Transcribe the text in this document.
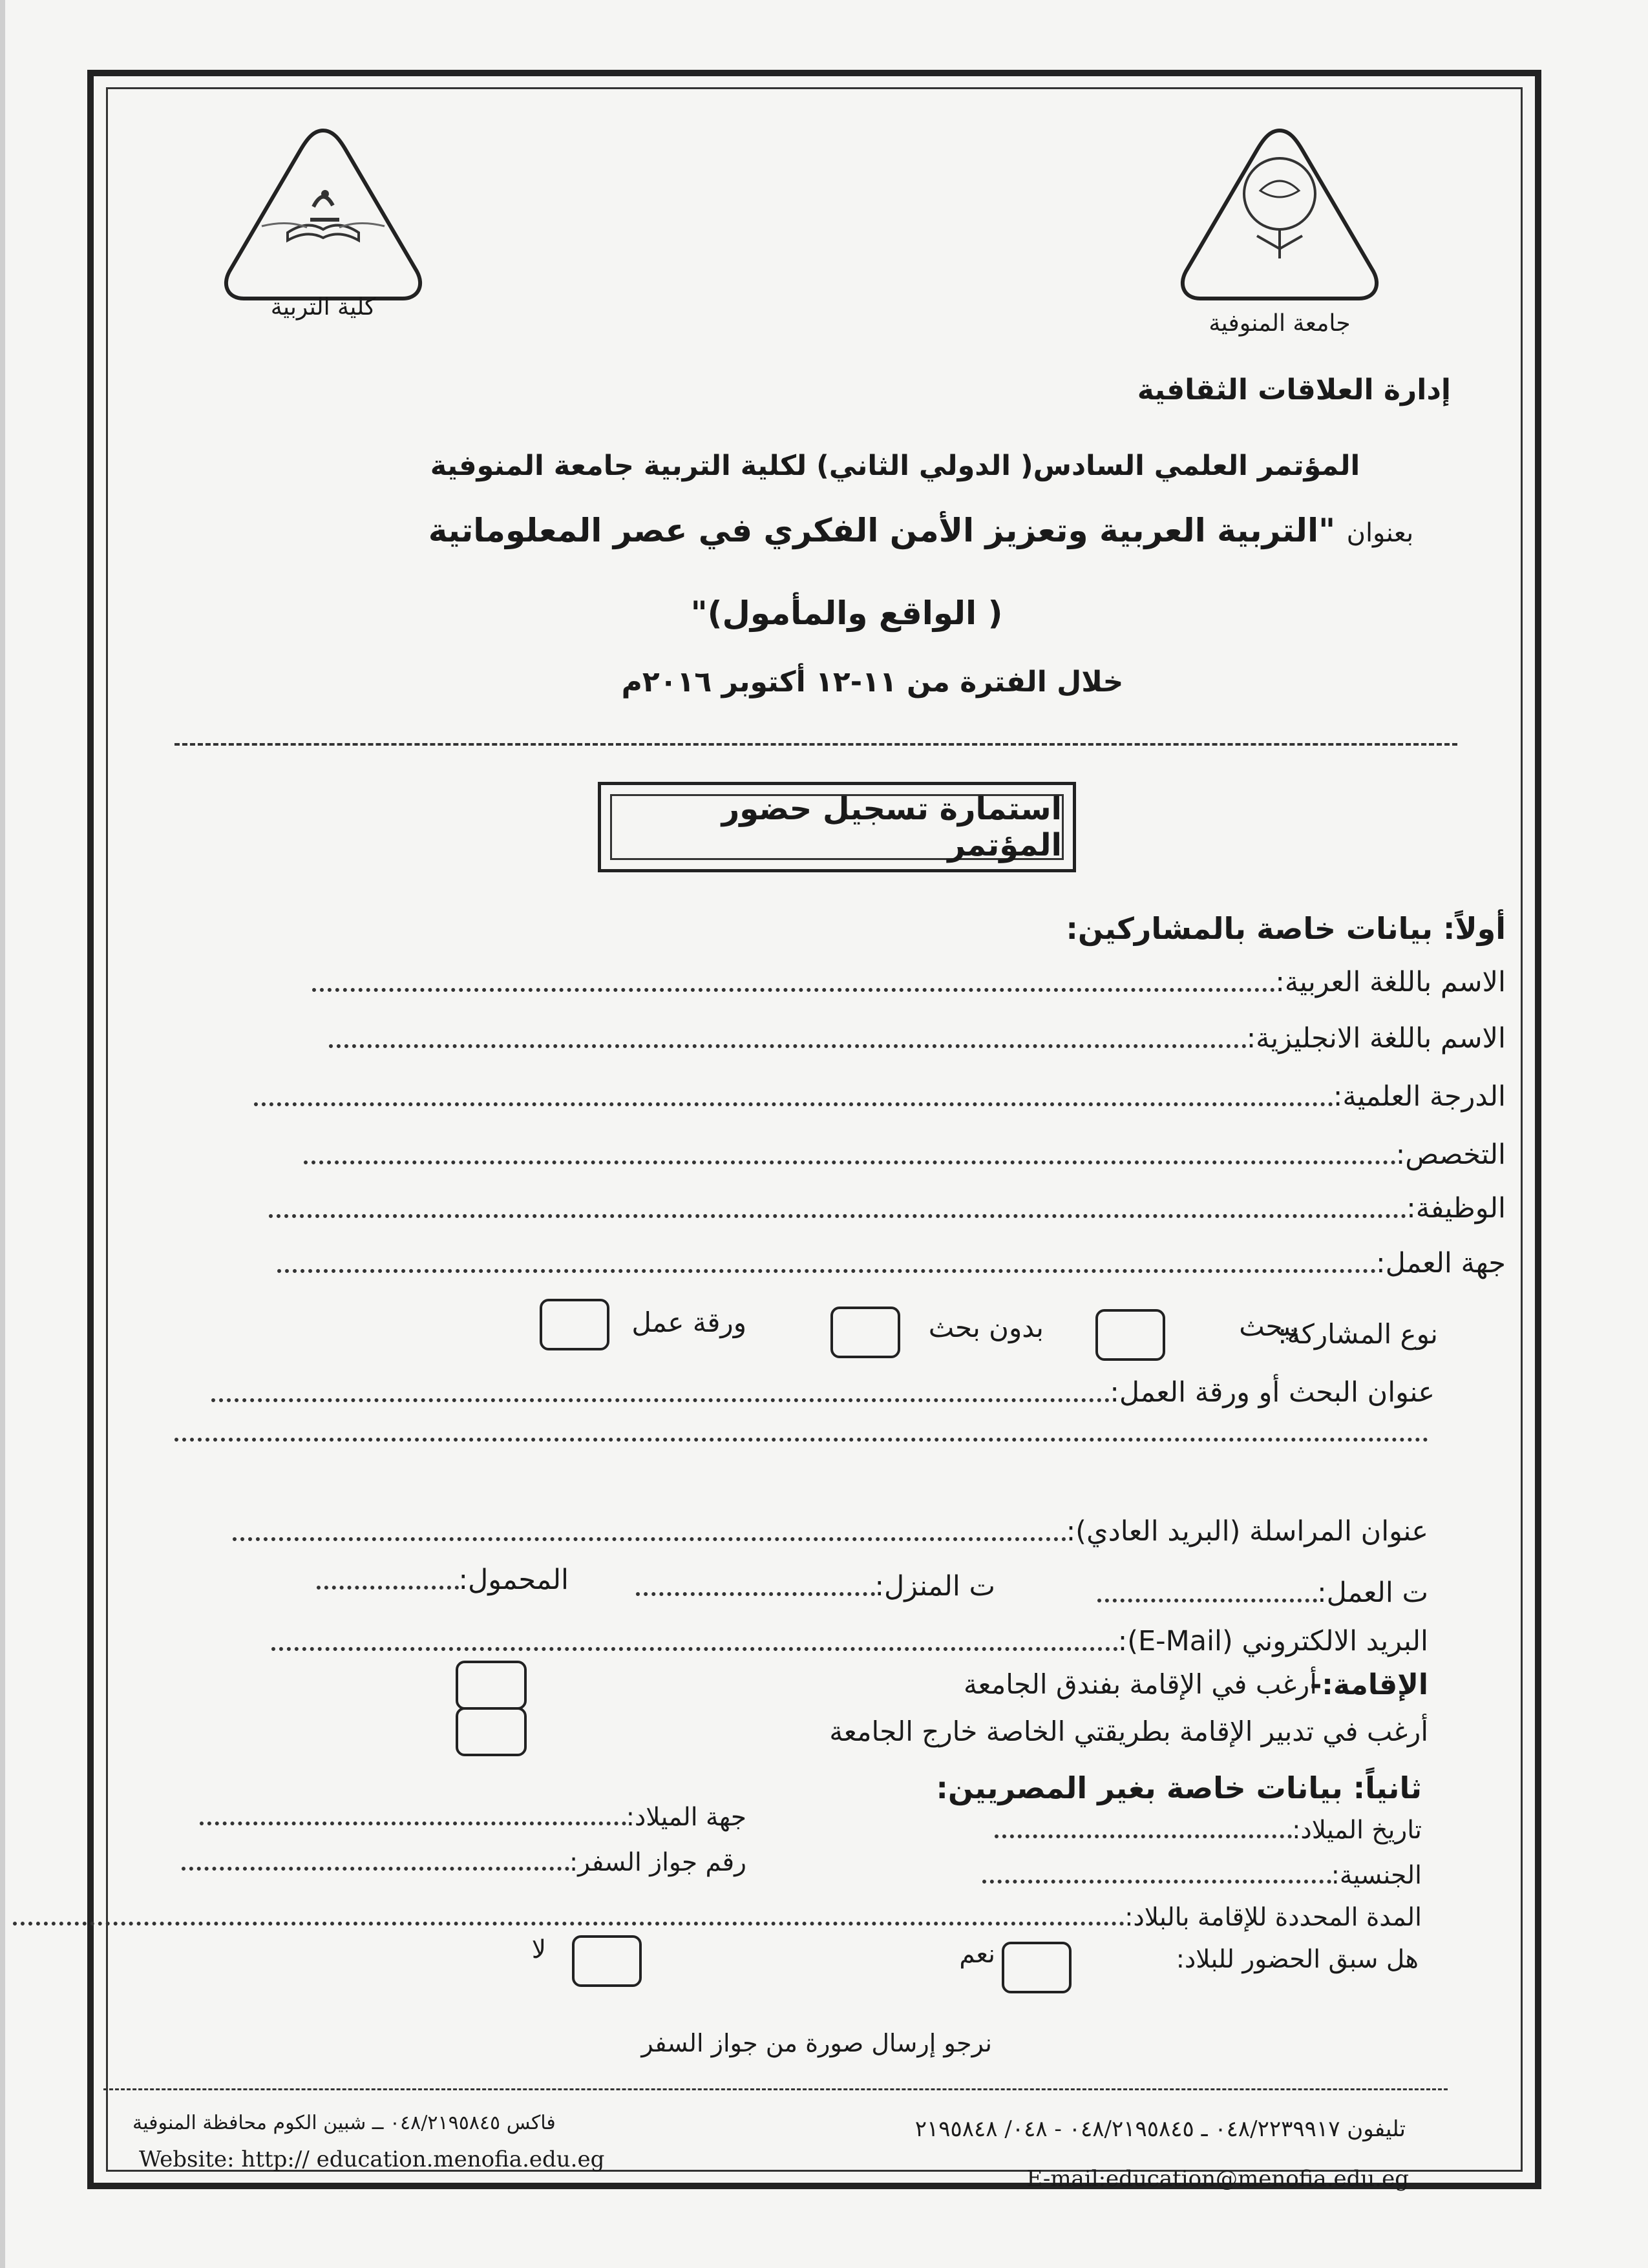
كلية التربية
جامعة المنوفية
إدارة العلاقات الثقافية
المؤتمر العلمي السادس( الدولي الثاني) لكلية التربية جامعة المنوفية
بعنوان "التربية العربية وتعزيز الأمن الفكري في عصر المعلوماتية
( الواقع والمأمول)"
خلال الفترة من ١١-١٢ أكتوبر ٢٠١٦م
استمارة تسجيل حضور المؤتمر
أولاً: بيانات خاصة بالمشاركين:
الاسم باللغة العربية:
الاسم باللغة الانجليزية:
الدرجة العلمية:
التخصص:
الوظيفة:
جهة العمل:
نوع المشاركة:
ببحث
بدون بحث
ورقة عمل
عنوان البحث أو ورقة العمل:
عنوان المراسلة (البريد العادي):
ت العمل:
ت المنزل:
المحمول:
البريد الالكتروني (E-Mail):
الإقامة:-
أرغب في الإقامة بفندق الجامعة
أرغب في تدبير الإقامة بطريقتي الخاصة خارج الجامعة
ثانياً: بيانات خاصة بغير المصريين:
تاريخ الميلاد:
جهة الميلاد:
الجنسية:
رقم جواز السفر:
المدة المحددة للإقامة بالبلاد:
هل سبق الحضور للبلاد:
نعم
لا
نرجو إرسال صورة من جواز السفر
تليفون ٠٤٨/٢٢٣٩٩١٧ ـ ٠٤٨/٢١٩٥٨٤٥ - ٠٤٨/ ٢١٩٥٨٤٨
فاكس ٠٤٨/٢١٩٥٨٤٥ ــ شبين الكوم محافظة المنوفية
Website: http:// education.menofia.edu.eg
E-mail:education@menofia.edu.eg
